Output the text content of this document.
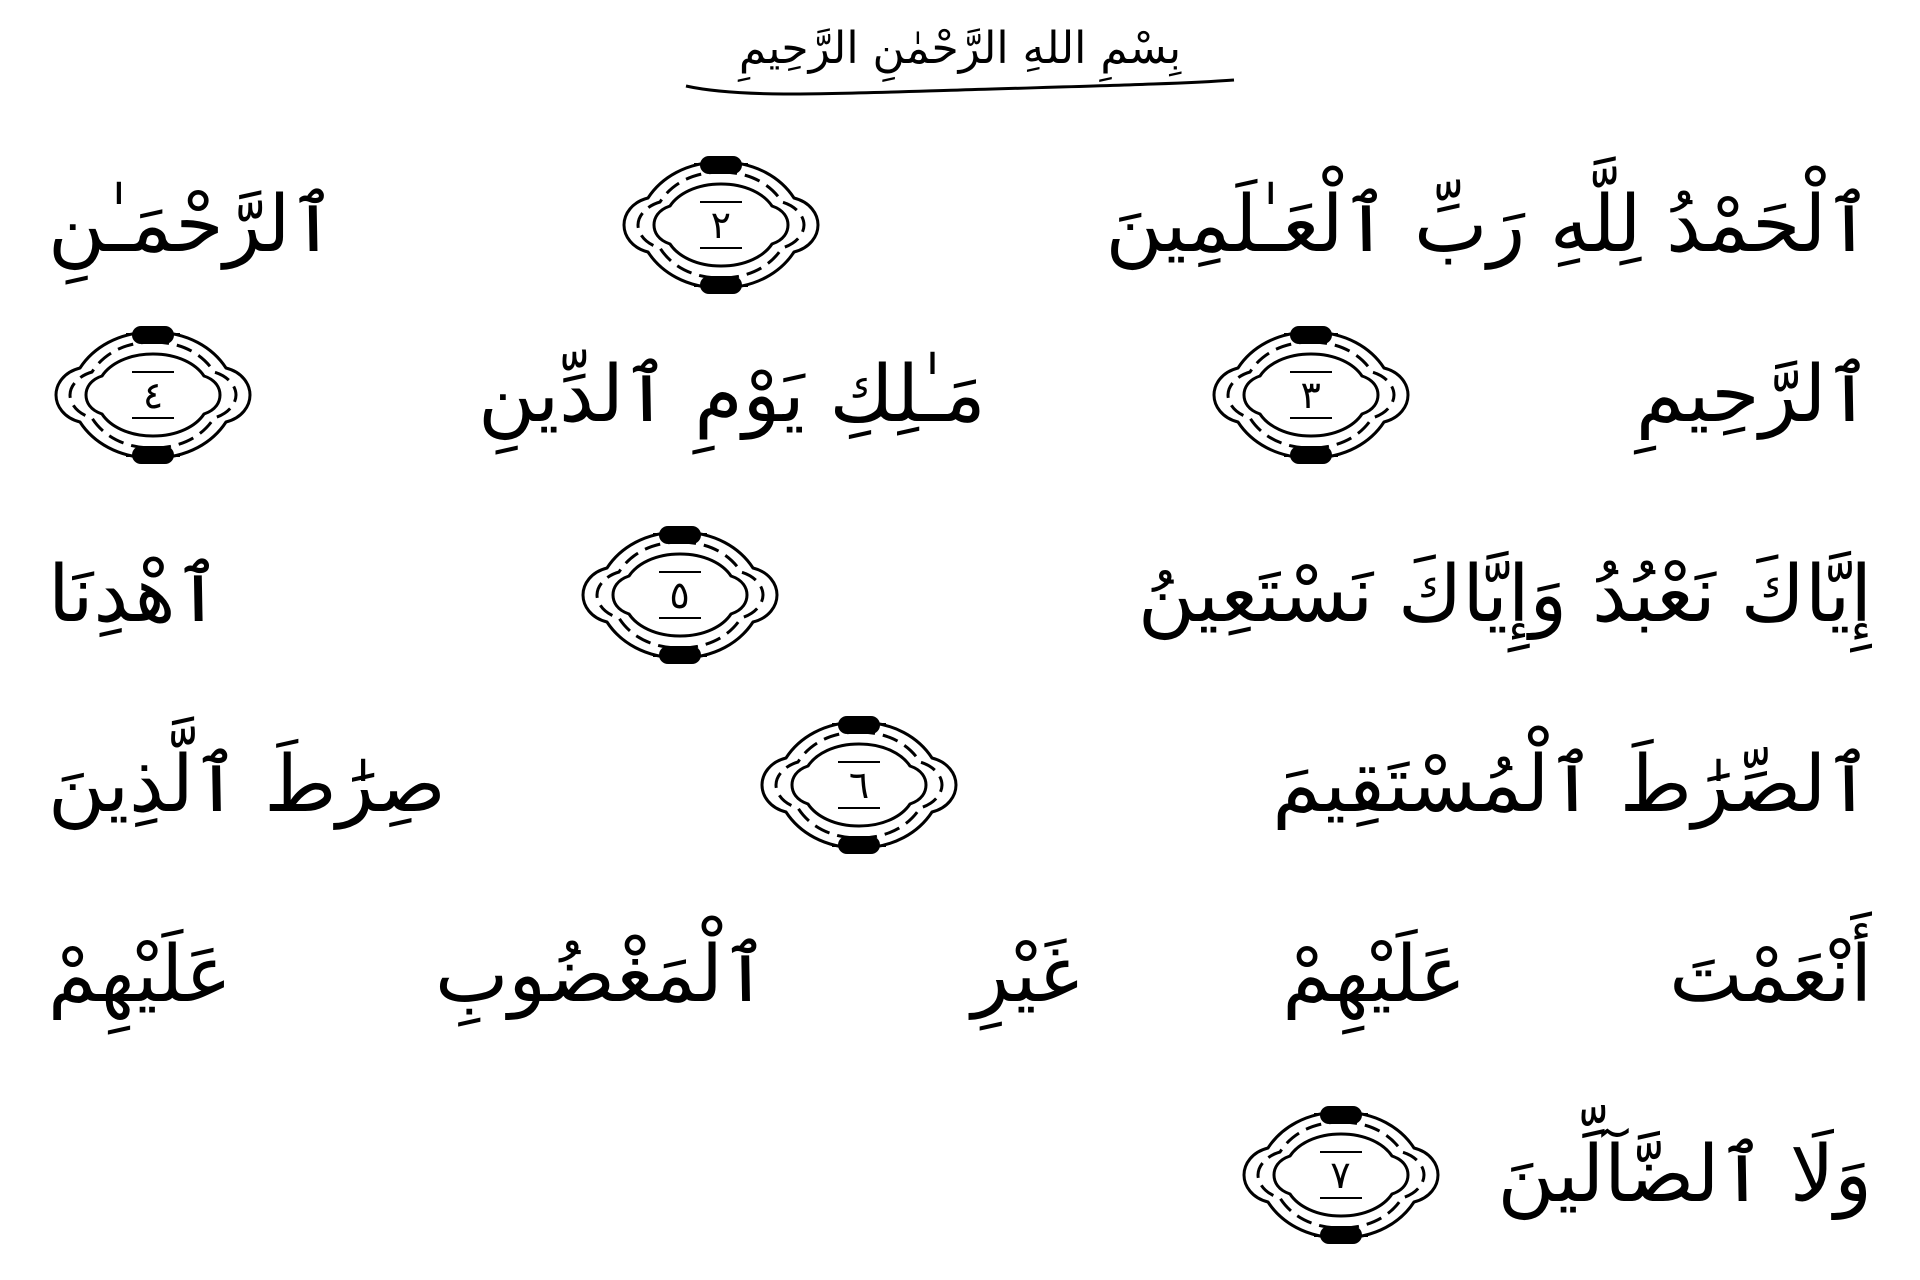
بِسْمِ اللهِ الرَّحْمٰنِ الرَّحِيمِ
ٱلْحَمْدُ لِلَّهِ رَبِّ ٱلْعَـٰلَمِينَ
٢
ٱلرَّحْمَـٰنِ
ٱلرَّحِيمِ
٣
مَـٰلِكِ يَوْمِ ٱلدِّينِ
٤
إِيَّاكَ نَعْبُدُ وَإِيَّاكَ نَسْتَعِينُ
٥
ٱهْدِنَا
ٱلصِّرَٰطَ ٱلْمُسْتَقِيمَ
٦
صِرَٰطَ ٱلَّذِينَ
أَنْعَمْتَ عَلَيْهِمْ غَيْرِ ٱلْمَغْضُوبِ عَلَيْهِمْ
وَلَا ٱلضَّآلِّينَ
٧
